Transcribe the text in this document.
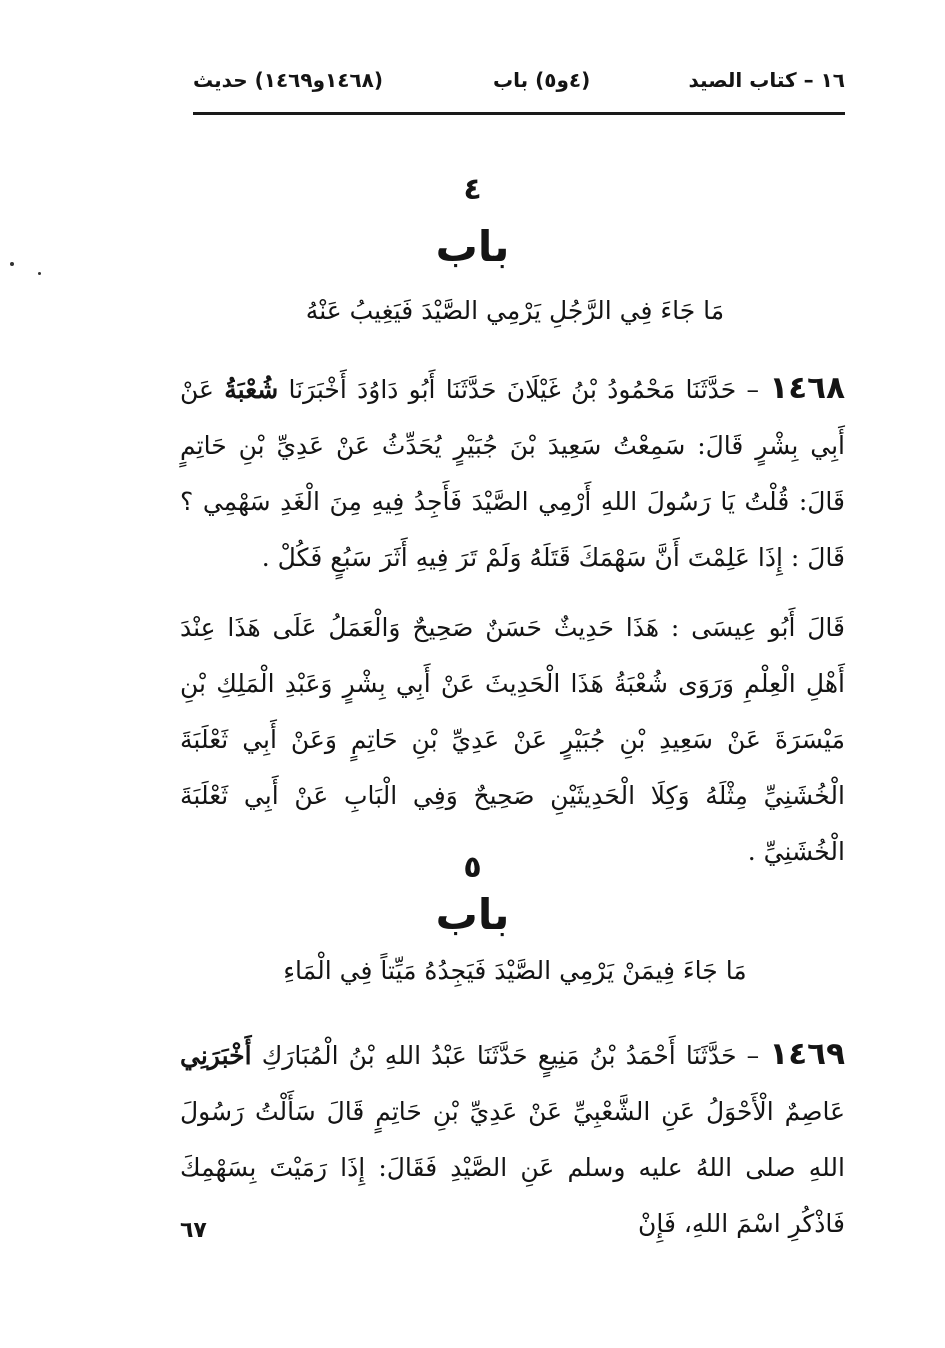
١٦ – كتاب الصيد
(٤و٥) باب
(١٤٦٨و١٤٦٩) حديث
٤
باب
مَا جَاءَ فِي الرَّجُلِ يَرْمِي الصَّيْدَ فَيَغِيبُ عَنْهُ
١٤٦٨ – حَدَّثَنَا مَحْمُودُ بْنُ غَيْلَانَ حَدَّثَنَا أَبُو دَاوُدَ أَخْبَرَنَا شُعْبَةُ عَنْ أَبِي بِشْرٍ قَالَ: سَمِعْتُ سَعِيدَ بْنَ جُبَيْرٍ يُحَدِّثُ عَنْ عَدِيِّ بْنِ حَاتِمٍ قَالَ: قُلْتُ يَا رَسُولَ اللهِ أَرْمِي الصَّيْدَ فَأَجِدُ فِيهِ مِنَ الْغَدِ سَهْمِي ؟ قَالَ : إِذَا عَلِمْتَ أَنَّ سَهْمَكَ قَتَلَهُ وَلَمْ تَرَ فِيهِ أَثَرَ سَبُعٍ فَكُلْ .
قَالَ أَبُو عِيسَى : هَذَا حَدِيثٌ حَسَنٌ صَحِيحٌ وَالْعَمَلُ عَلَى هَذَا عِنْدَ أَهْلِ الْعِلْمِ وَرَوَى شُعْبَةُ هَذَا الْحَدِيثَ عَنْ أَبِي بِشْرٍ وَعَبْدِ الْمَلِكِ بْنِ مَيْسَرَةَ عَنْ سَعِيدِ بْنِ جُبَيْرٍ عَنْ عَدِيِّ بْنِ حَاتِمٍ وَعَنْ أَبِي ثَعْلَبَةَ الْخُشَنِيِّ مِثْلَهُ وَكِلَا الْحَدِيثَيْنِ صَحِيحٌ وَفِي الْبَابِ عَنْ أَبِي ثَعْلَبَةَ الْخُشَنِيِّ .
٥
باب
مَا جَاءَ فِيمَنْ يَرْمِي الصَّيْدَ فَيَجِدُهُ مَيِّتاً فِي الْمَاءِ
١٤٦٩ – حَدَّثَنَا أَحْمَدُ بْنُ مَنِيعٍ حَدَّثَنَا عَبْدُ اللهِ بْنُ الْمُبَارَكِ أَخْبَرَنِي عَاصِمٌ الْأَحْوَلُ عَنِ الشَّعْبِيِّ عَنْ عَدِيِّ بْنِ حَاتِمٍ قَالَ سَأَلْتُ رَسُولَ اللهِ صلى اللهُ عليه وسلم عَنِ الصَّيْدِ فَقَالَ: إِذَا رَمَيْتَ بِسَهْمِكَ فَاذْكُرِ اسْمَ اللهِ، فَإِنْ
٦٧
